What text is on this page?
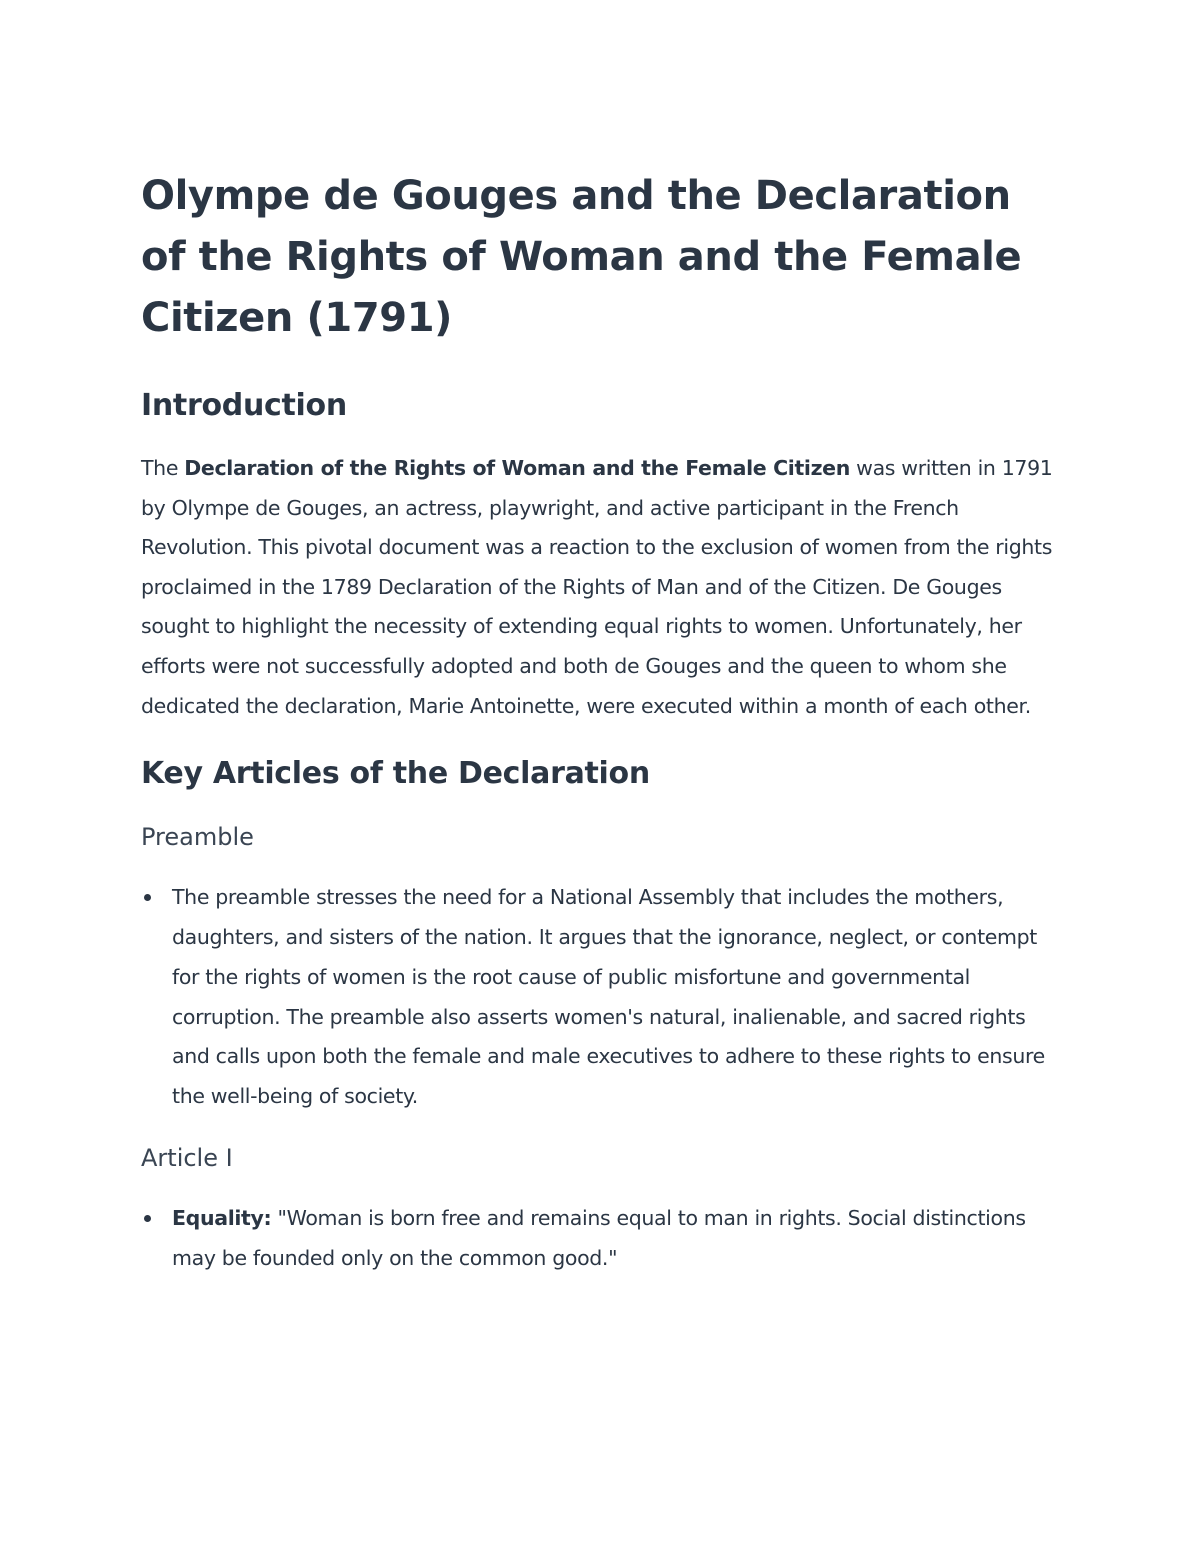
Olympe de Gouges and the Declaration of the Rights of Woman and the Female Citizen (1791)
Introduction

The Declaration of the Rights of Woman and the Female Citizen was written in 1791 by Olympe de Gouges, an actress, playwright, and active participant in the French Revolution. This pivotal document was a reaction to the exclusion of women from the rights proclaimed in the 1789 Declaration of the Rights of Man and of the Citizen. De Gouges sought to highlight the necessity of extending equal rights to women. Unfortunately, her efforts were not successfully adopted and both de Gouges and the queen to whom she dedicated the declaration, Marie Antoinette, were executed within a month of each other.

Key Articles of the Declaration
Preamble
The preamble stresses the need for a National Assembly that includes the mothers, daughters, and sisters of the nation. It argues that the ignorance, neglect, or contempt for the rights of women is the root cause of public misfortune and governmental corruption. The preamble also asserts women's natural, inalienable, and sacred rights and calls upon both the female and male executives to adhere to these rights to ensure the well-being of society.
Article I
Equality: "Woman is born free and remains equal to man in rights. Social distinctions may be founded only on the common good."
